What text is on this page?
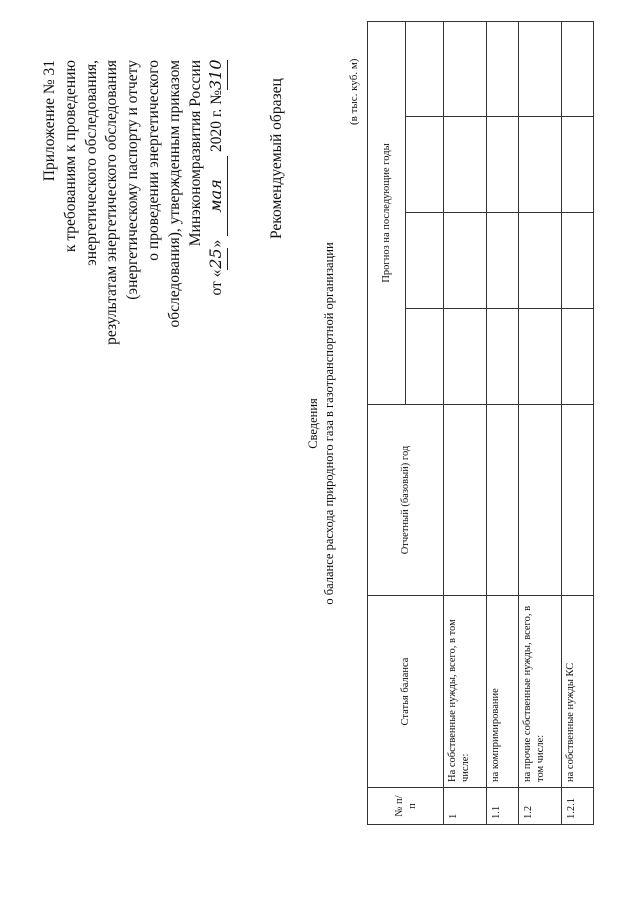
Приложение № 31 к требованиям к проведению энергетического обследования, результатам энергетического обследования (энергетическому паспорту и отчету о проведении энергетического обследования), утвержденным приказом Минэкономразвития России
от «25» мая 2020 г. №310
Рекомендуемый образец
Сведения о балансе расхода природного газа в газотранспортной организации
(в тыс. куб. м)
№ п/п	Статья баланса	Отчетный (базовый) год	Прогноз на последующие годы			

1	На собственные нужды, всего, в том числе:					
1.1	на компримирование					
1.2	на прочие собственные нужды, всего, в том числе:					
1.2.1	на собственные нужды КС					
